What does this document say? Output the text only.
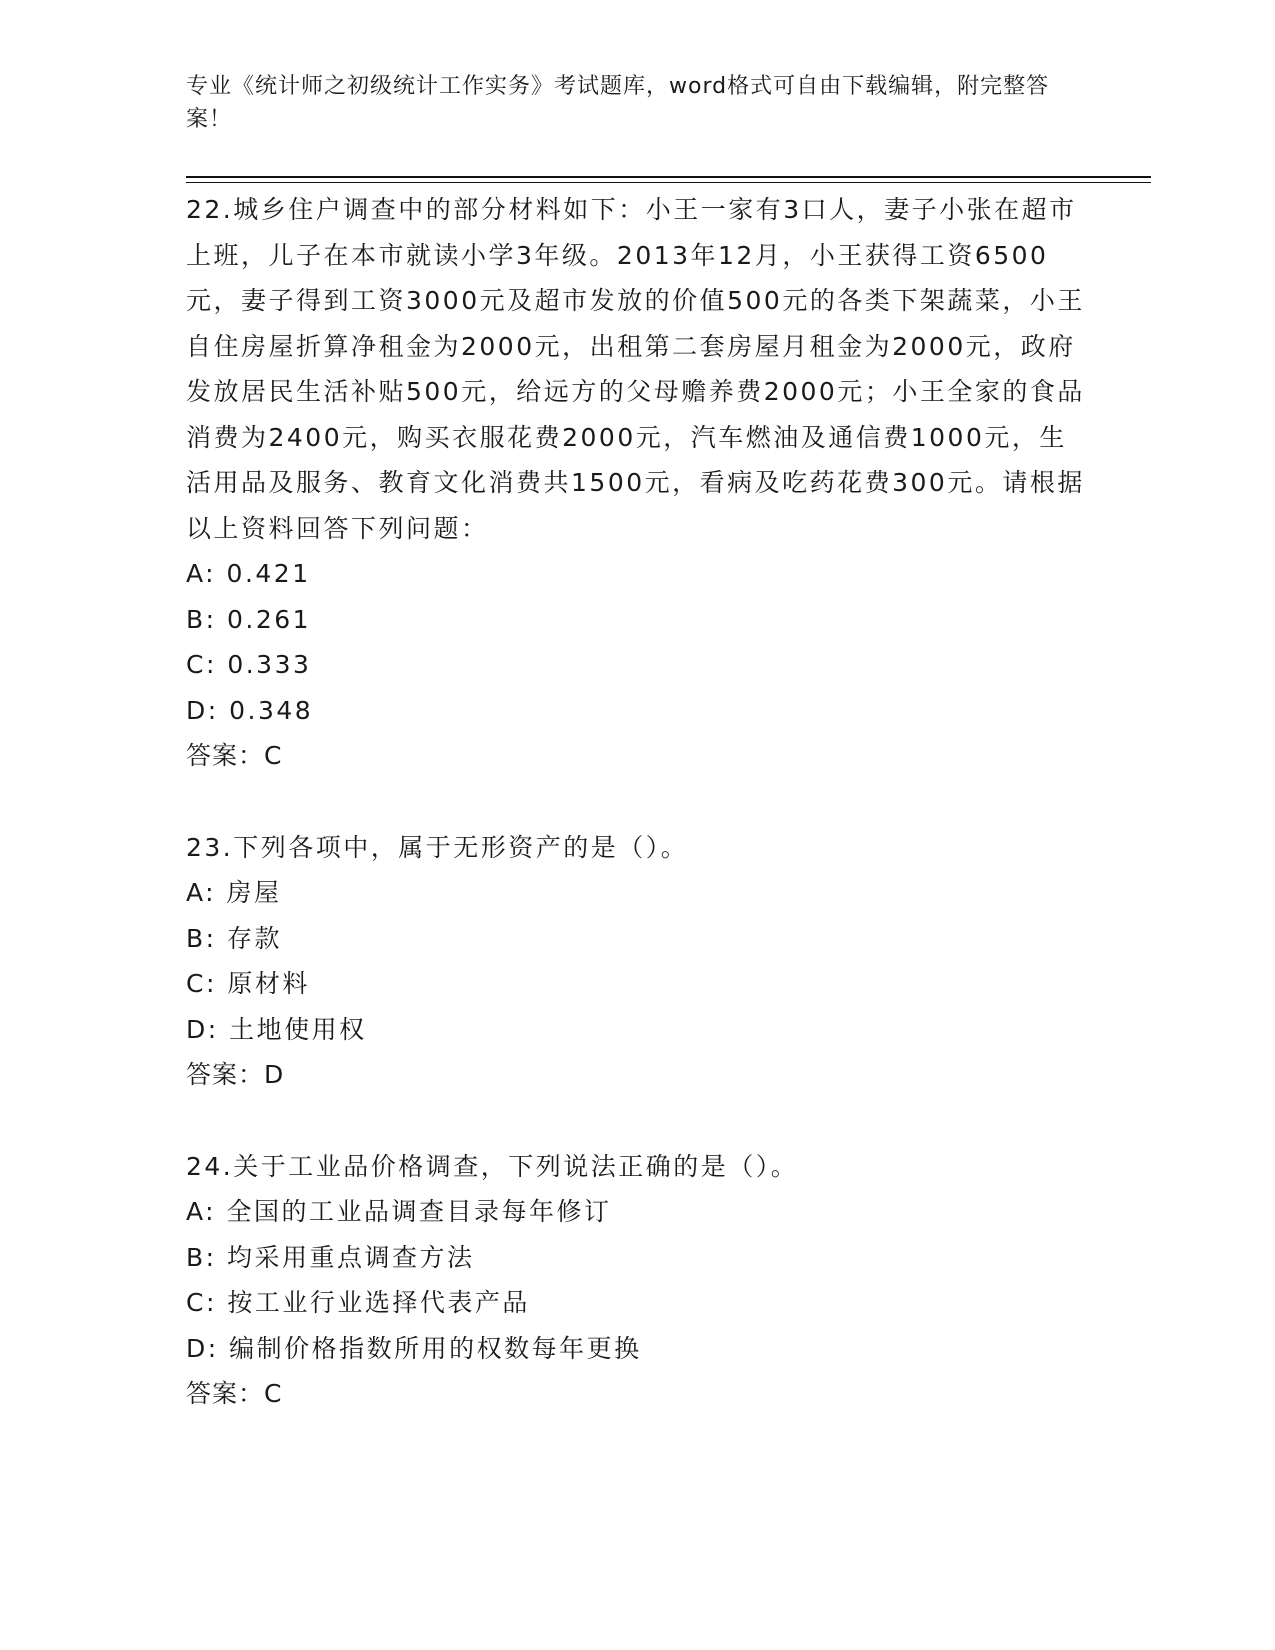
专业《统计师之初级统计工作实务》考试题库，word格式可自由下载编辑，附完整答案！

22.城乡住户调查中的部分材料如下：小王一家有3口人，妻子小张在超市上班，儿子在本市就读小学3年级。2013年12月，小王获得工资6500元，妻子得到工资3000元及超市发放的价值500元的各类下架蔬菜，小王自住房屋折算净租金为2000元，出租第二套房屋月租金为2000元，政府发放居民生活补贴500元，给远方的父母赡养费2000元；小王全家的食品消费为2400元，购买衣服花费2000元，汽车燃油及通信费1000元，生活用品及服务、教育文化消费共1500元，看病及吃药花费300元。请根据以上资料回答下列问题：

A: 0.421

B: 0.261

C: 0.333

D: 0.348

答案：C

23.下列各项中，属于无形资产的是（）。

A: 房屋

B: 存款

C: 原材料

D: 土地使用权

答案：D

24.关于工业品价格调查，下列说法正确的是（）。

A: 全国的工业品调查目录每年修订

B: 均采用重点调查方法

C: 按工业行业选择代表产品

D: 编制价格指数所用的权数每年更换

答案：C
